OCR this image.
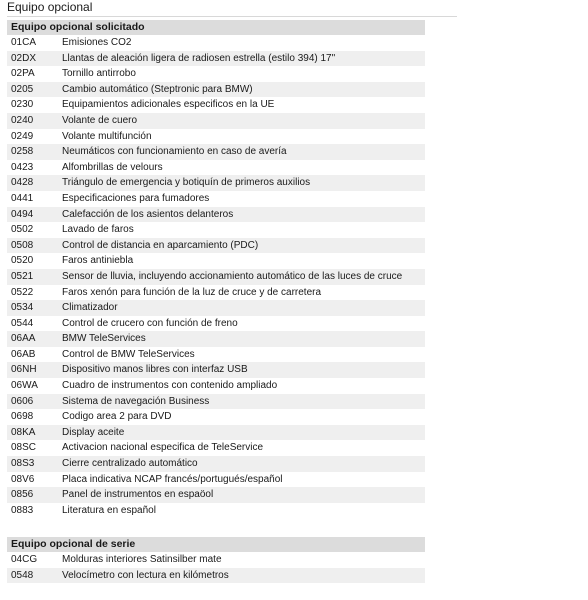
Equipo opcional
Equipo opcional solicitado
01CA	Emisiones CO2
02DX	Llantas de aleación ligera de radiosen estrella (estilo 394) 17"
02PA	Tornillo antirrobo
0205	Cambio automático (Steptronic para BMW)
0230	Equipamientos adicionales especificos en la UE
0240	Volante de cuero
0249	Volante multifunción
0258	Neumáticos con funcionamiento en caso de avería
0423	Alfombrillas de velours
0428	Triángulo de emergencia y botiquín de primeros auxilios
0441	Especificaciones para fumadores
0494	Calefacción de los asientos delanteros
0502	Lavado de faros
0508	Control de distancia en aparcamiento (PDC)
0520	Faros antiniebla
0521	Sensor de lluvia, incluyendo accionamiento automático de las luces de cruce
0522	Faros xenón para función de la luz de cruce y de carretera
0534	Climatizador
0544	Control de crucero con función de freno
06AA	BMW TeleServices
06AB	Control de BMW TeleServices
06NH	Dispositivo manos libres con interfaz USB
06WA Cuadro de instrumentos con contenido ampliado
0606	Sistema de navegación Business
0698	Codigo area 2 para DVD
08KA	Display aceite
08SC	Activacion nacional especifica de TeleService
08S3	Cierre centralizado automático
08V6	Placa indicativa NCAP francés/portugués/español
0856	Panel de instrumentos en espaöol
0883	Literatura en español
Equipo opcional de serie
04CG Molduras interiores Satinsilber mate
0548	Velocímetro con lectura en kilómetros
